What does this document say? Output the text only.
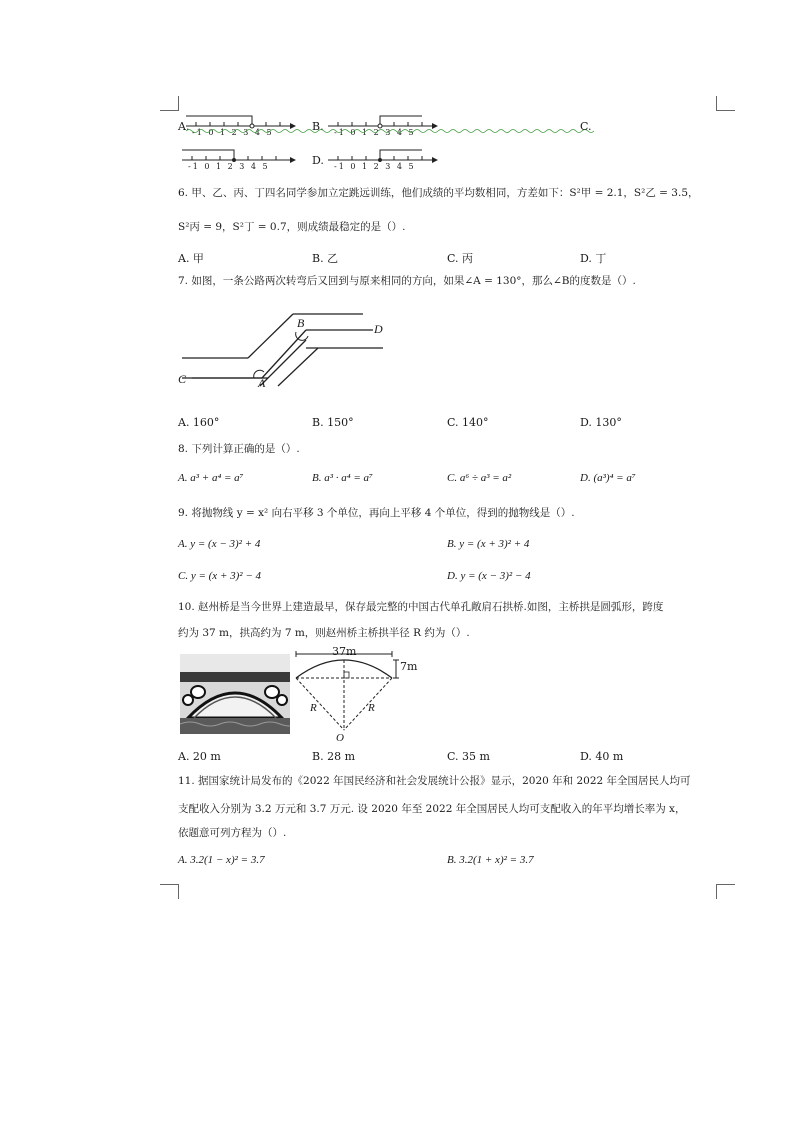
A. -1 0 1 2 3 4 5	B. -1 0 1 2 3 4 5	C.
-1 0 1 2 3 4 5	D. -1 0 1 2 3 4 5
6. 甲、乙、丙、丁四名同学参加立定跳远训练，他们成绩的平均数相同，方差如下：S²甲 = 2.1，S²乙 = 3.5，
S²丙 = 9，S²丁 = 0.7，则成绩最稳定的是（）.
A. 甲	B. 乙	C. 丙	D. 丁
7. 如图，一条公路两次转弯后又回到与原来相同的方向，如果∠A = 130°，那么∠B的度数是（）.
B	D
C	A
A. 160°	B. 150°	C. 140°	D. 130°
8. 下列计算正确的是（）.
A. a³ + a⁴ = a⁷	B. a³ · a⁴ = a⁷	C. a⁶ ÷ a³ = a²	D. (a³)⁴ = a⁷
9. 将抛物线 y = x² 向右平移 3 个单位，再向上平移 4 个单位，得到的抛物线是（）.
A. y = (x − 3)² + 4	B. y = (x + 3)² + 4
C. y = (x + 3)² − 4	D. y = (x − 3)² − 4
10. 赵州桥是当今世界上建造最早，保存最完整的中国古代单孔敞肩石拱桥.如图，主桥拱是圆弧形，跨度
约为 37 m，拱高约为 7 m，则赵州桥主桥拱半径 R 约为（）.
37m
7m
R	R
O
A. 20 m	B. 28 m	C. 35 m	D. 40 m
11. 据国家统计局发布的《2022 年国民经济和社会发展统计公报》显示，2020 年和 2022 年全国居民人均可
支配收入分别为 3.2 万元和 3.7 万元. 设 2020 年至 2022 年全国居民人均可支配收入的年平均增长率为 x，
依题意可列方程为（）.
A. 3.2(1 − x)² = 3.7	B. 3.2(1 + x)² = 3.7
